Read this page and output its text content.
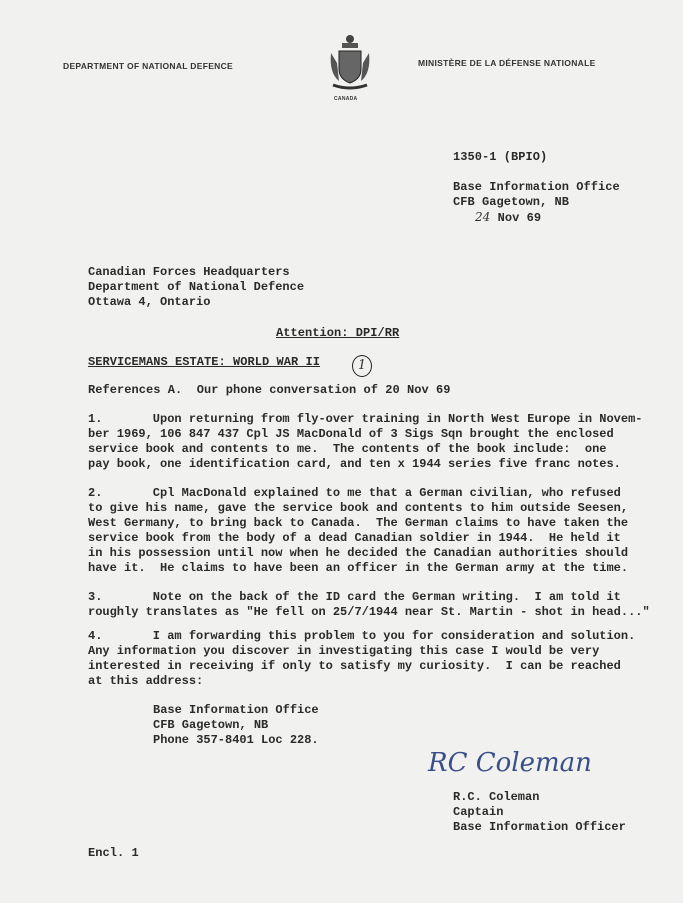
DEPARTMENT OF NATIONAL DEFENCE	MINISTÈRE DE LA DÉFENSE NATIONALE
CANADA
1350-1 (BPIO)
Base Information Office
CFB Gagetown, NB
24 Nov 69
Canadian Forces Headquarters
Department of National Defence
Ottawa 4, Ontario
Attention: DPI/RR
SERVICEMANS ESTATE: WORLD WAR II	1
References A.  Our phone conversation of 20 Nov 69
1.       Upon returning from fly-over training in North West Europe in Novem-
ber 1969, 106 847 437 Cpl JS MacDonald of 3 Sigs Sqn brought the enclosed
service book and contents to me.  The contents of the book include:  one
pay book, one identification card, and ten x 1944 series five franc notes.
2.       Cpl MacDonald explained to me that a German civilian, who refused
to give his name, gave the service book and contents to him outside Seesen,
West Germany, to bring back to Canada.  The German claims to have taken the
service book from the body of a dead Canadian soldier in 1944.  He held it
in his possession until now when he decided the Canadian authorities should
have it.  He claims to have been an officer in the German army at the time.
3.       Note on the back of the ID card the German writing.  I am told it
roughly translates as "He fell on 25/7/1944 near St. Martin - shot in head..."
4.       I am forwarding this problem to you for consideration and solution.
Any information you discover in investigating this case I would be very
interested in receiving if only to satisfy my curiosity.  I can be reached
at this address:
Base Information Office
CFB Gagetown, NB
Phone 357-8401 Loc 228.
RC Coleman
R.C. Coleman
Captain
Base Information Officer
Encl. 1
